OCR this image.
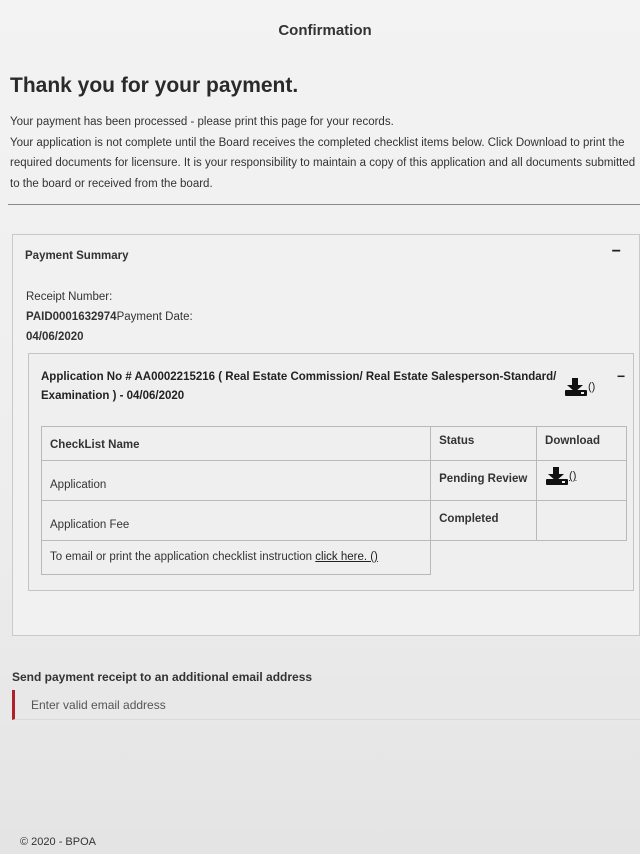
Confirmation
Thank you for your payment.

Your payment has been processed - please print this page for your records.

Your application is not complete until the Board receives the completed checklist items below. Click Download to print the required documents for licensure. It is your responsibility to maintain a copy of this application and all documents submitted to the board or received from the board.

Payment Summary	−
Receipt Number:
PAID0001632974Payment Date:
04/06/2020
Application No # AA0002215216 ( Real Estate Commission/ Real Estate Salesperson-Standard/ Examination ) - 04/06/2020
()
−
CheckList Name	Status	Download
Application	Pending Review	()
Application Fee	Completed	
To email or print the application checklist instruction click here. ()		
Send payment receipt to an additional email address
Enter valid email address
© 2020 - BPOA
